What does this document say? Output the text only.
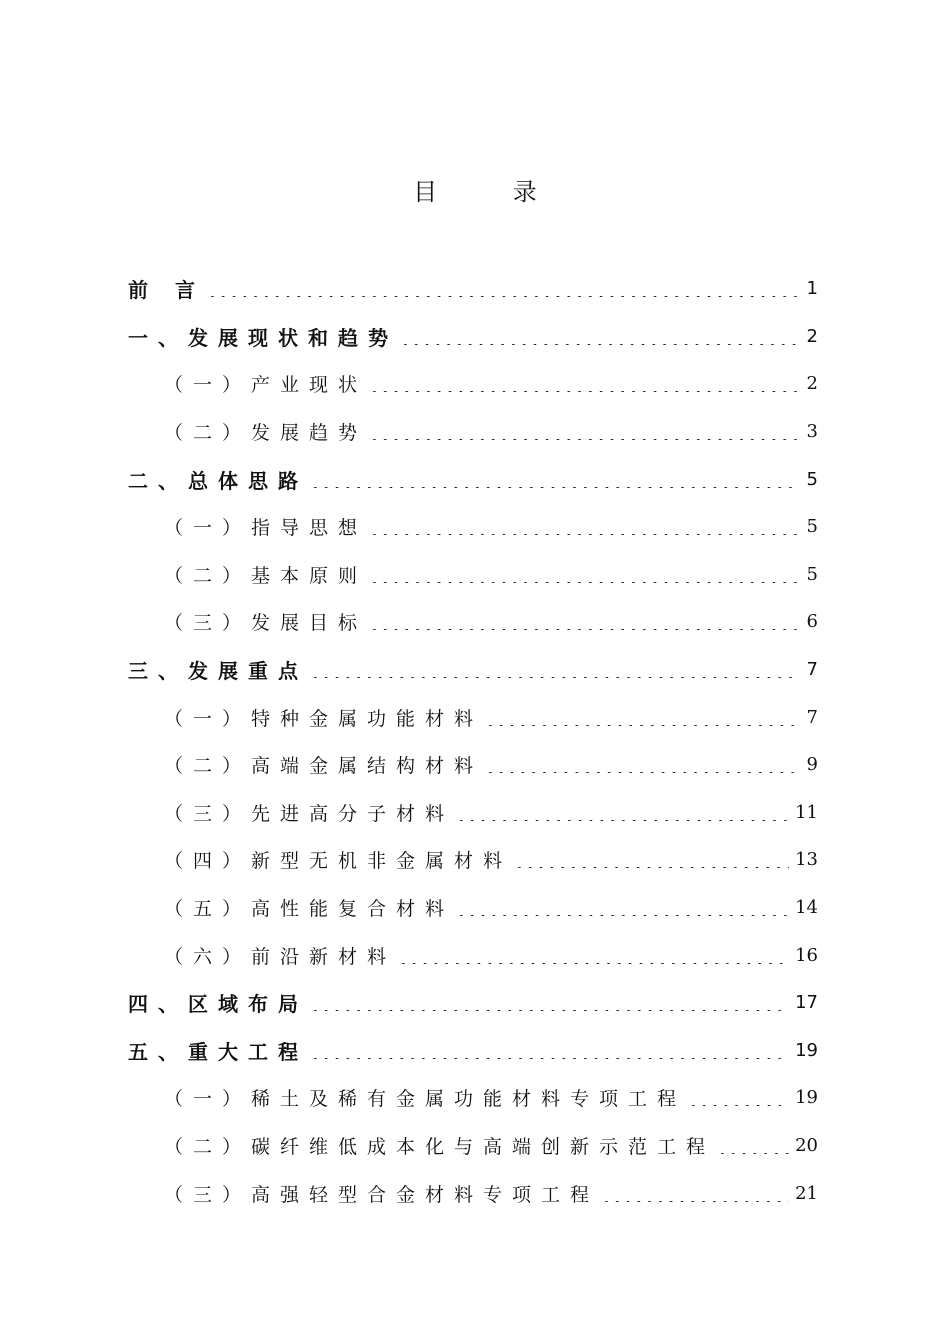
目 录
前 言	1
一、发展现状和趋势	2
（一）产业现状	2
（二）发展趋势	3
二、总体思路	5
（一）指导思想	5
（二）基本原则	5
（三）发展目标	6
三、发展重点	7
（一）特种金属功能材料	7
（二）高端金属结构材料	9
（三）先进高分子材料	11
（四）新型无机非金属材料	13
（五）高性能复合材料	14
（六）前沿新材料	16
四、区域布局	17
五、重大工程	19
（一）稀土及稀有金属功能材料专项工程	19
（二）碳纤维低成本化与高端创新示范工程	20
（三）高强轻型合金材料专项工程	21
